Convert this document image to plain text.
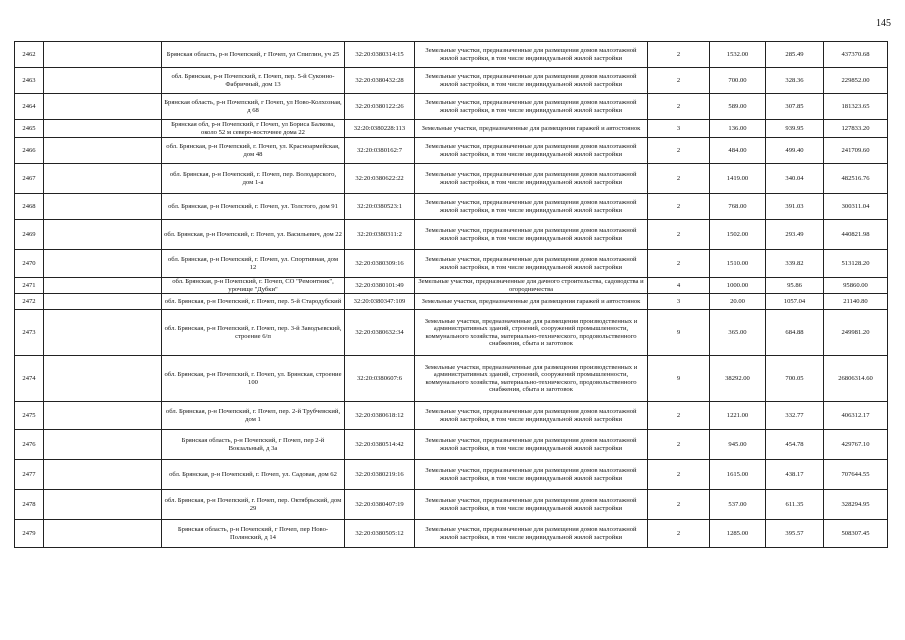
145
2462		Брянская область, р-н Почепский, г Почеп, ул Спиглин, уч 25	32:20:0380314:15	Земельные участки, предназначенные для размещения домов малоэтажной жилой застройки, в том числе индивидуальной жилой застройки	2	1532.00	285.49	437370.68
2463		обл. Брянская, р-н Почепский, г. Почеп, пер. 5-й Суконно-Фабричный, дом 13	32:20:0380432:28	Земельные участки, предназначенные для размещения домов малоэтажной жилой застройки, в том числе индивидуальной жилой застройки	2	700.00	328.36	229852.00
2464		Брянская область, р-н Почепский, г Почеп, ул Ново-Колхозная, д 68	32:20:0380122:26	Земельные участки, предназначенные для размещения домов малоэтажной жилой застройки, в том числе индивидуальной жилой застройки	2	589.00	307.85	181323.65
2465		Брянская обл, р-н Почепский, г Почеп, ул Бориса Балкова, около 52 м северо-восточнее дома 22	32:20:0380228:113	Земельные участки, предназначенные для размещения гаражей и автостоянок	3	136.00	939.95	127833.20
2466		обл. Брянская, р-н Почепский, г. Почеп, ул. Красноармейская, дом 48	32:20:0380162:7	Земельные участки, предназначенные для размещения домов малоэтажной жилой застройки, в том числе индивидуальной жилой застройки	2	484.00	499.40	241709.60
2467		обл. Брянская, р-н Почепский, г. Почеп, пер. Володарского, дом 1-а	32:20:0380622:22	Земельные участки, предназначенные для размещения домов малоэтажной жилой застройки, в том числе индивидуальной жилой застройки	2	1419.00	340.04	482516.76
2468		обл. Брянская, р-н Почепский, г. Почеп, ул. Толстого, дом 91	32:20:0380523:1	Земельные участки, предназначенные для размещения домов малоэтажной жилой застройки, в том числе индивидуальной жилой застройки	2	768.00	391.03	300311.04
2469		обл. Брянская, р-н Почепский, г. Почеп, ул. Васильевич, дом 22	32:20:0380311:2	Земельные участки, предназначенные для размещения домов малоэтажной жилой застройки, в том числе индивидуальной жилой застройки	2	1502.00	293.49	440821.98
2470		обл. Брянская, р-н Почепский, г. Почеп, ул. Спортивная, дом 12	32:20:0380309:16	Земельные участки, предназначенные для размещения домов малоэтажной жилой застройки, в том числе индивидуальной жилой застройки	2	1510.00	339.82	513128.20
2471		обл. Брянская, р-н Почепский, г. Почеп, СО "Ремонтник", урочище "Дубки"	32:20:0380101:49	Земельные участки, предназначенные для дачного строительства, садоводства и огородничества	4	1000.00	95.86	95860.00
2472		обл. Брянская, р-н Почепский, г. Почеп, пер. 5-й Стародубский	32:20:0380347:109	Земельные участки, предназначенные для размещения гаражей и автостоянок	3	20.00	1057.04	21140.80
2473		обл. Брянская, р-н Почепский, г. Почеп, пер. 3-й Заводъевский, строение 6/п	32:20:0380632:34	Земельные участки, предназначенные для размещения производственных и административных зданий, строений, сооружений промышленности, коммунального хозяйства, материально-технического, продовольственного снабжения, сбыта и заготовок	9	365.00	684.88	249981.20
2474		обл. Брянская, р-н Почепский, г. Почеп, ул. Брянская, строение 100	32:20:0380607:6	Земельные участки, предназначенные для размещения производственных и административных зданий, строений, сооружений промышленности, коммунального хозяйства, материально-технического, продовольственного снабжения, сбыта и заготовок	9	38292.00	700.05	26806314.60
2475		обл. Брянская, р-н Почепский, г. Почеп, пер. 2-й Трубчевский, дом 1	32:20:0380618:12	Земельные участки, предназначенные для размещения домов малоэтажной жилой застройки, в том числе индивидуальной жилой застройки	2	1221.00	332.77	406312.17
2476		Брянская область, р-н Почепский, г Почеп, пер 2-й Вокзальный, д 3а	32:20:0380514:42	Земельные участки, предназначенные для размещения домов малоэтажной жилой застройки, в том числе индивидуальной жилой застройки	2	945.00	454.78	429767.10
2477		обл. Брянская, р-н Почепский, г. Почеп, ул. Садовая, дом 62	32:20:0380219:16	Земельные участки, предназначенные для размещения домов малоэтажной жилой застройки, в том числе индивидуальной жилой застройки	2	1615.00	438.17	707644.55
2478		обл. Брянская, р-н Почепский, г. Почеп, пер. Октябрьский, дом 29	32:20:0380407:19	Земельные участки, предназначенные для размещения домов малоэтажной жилой застройки, в том числе индивидуальной жилой застройки	2	537.00	611.35	328294.95
2479		Брянская область, р-н Почепский, г Почеп, пер Ново-Полянский, д 14	32:20:0380505:12	Земельные участки, предназначенные для размещения домов малоэтажной жилой застройки, в том числе индивидуальной жилой застройки	2	1285.00	395.57	508307.45
